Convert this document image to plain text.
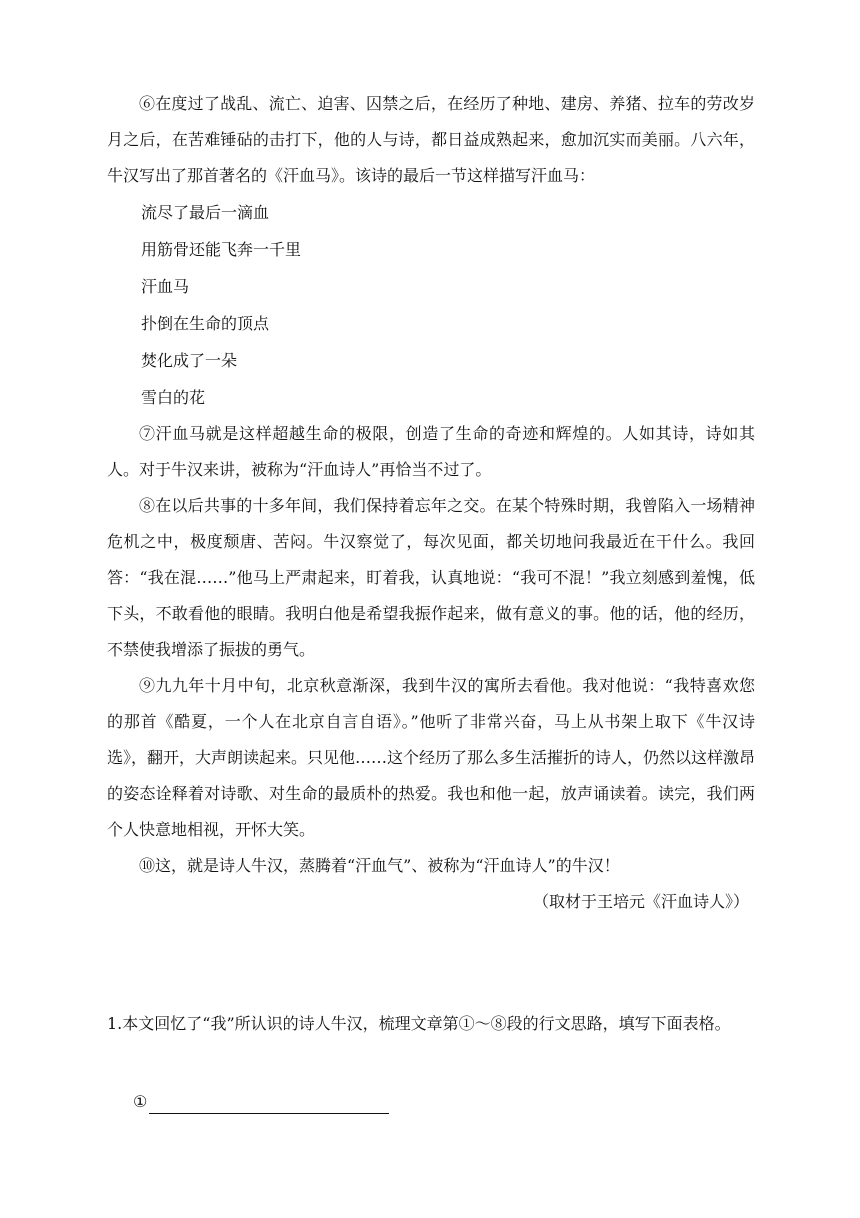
⑥在度过了战乱、流亡、迫害、囚禁之后，在经历了种地、建房、养猪、拉车的劳改岁月之后，在苦难锤砧的击打下，他的人与诗，都日益成熟起来，愈加沉实而美丽。八六年，牛汉写出了那首著名的《汗血马》。该诗的最后一节这样描写汗血马：

流尽了最后一滴血

用筋骨还能飞奔一千里

汗血马

扑倒在生命的顶点

焚化成了一朵

雪白的花

⑦汗血马就是这样超越生命的极限，创造了生命的奇迹和辉煌的。人如其诗，诗如其人。对于牛汉来讲，被称为“汗血诗人”再恰当不过了。

⑧在以后共事的十多年间，我们保持着忘年之交。在某个特殊时期，我曾陷入一场精神危机之中，极度颓唐、苦闷。牛汉察觉了，每次见面，都关切地问我最近在干什么。我回答：“我在混……”他马上严肃起来，盯着我，认真地说：“我可不混！”我立刻感到羞愧，低下头，不敢看他的眼睛。我明白他是希望我振作起来，做有意义的事。他的话，他的经历，不禁使我增添了振拔的勇气。

⑨九九年十月中旬，北京秋意渐深，我到牛汉的寓所去看他。我对他说：“我特喜欢您的那首《酷夏，一个人在北京自言自语》。”他听了非常兴奋，马上从书架上取下《牛汉诗选》，翻开，大声朗读起来。只见他……这个经历了那么多生活摧折的诗人，仍然以这样激昂的姿态诠释着对诗歌、对生命的最质朴的热爱。我也和他一起，放声诵读着。读完，我们两个人快意地相视，开怀大笑。

⑩这，就是诗人牛汉，蒸腾着“汗血气”、被称为“汗血诗人”的牛汉！

（取材于王培元《汗血诗人》）

1.本文回忆了“我”所认识的诗人牛汉，梳理文章第①～⑧段的行文思路，填写下面表格。

①
